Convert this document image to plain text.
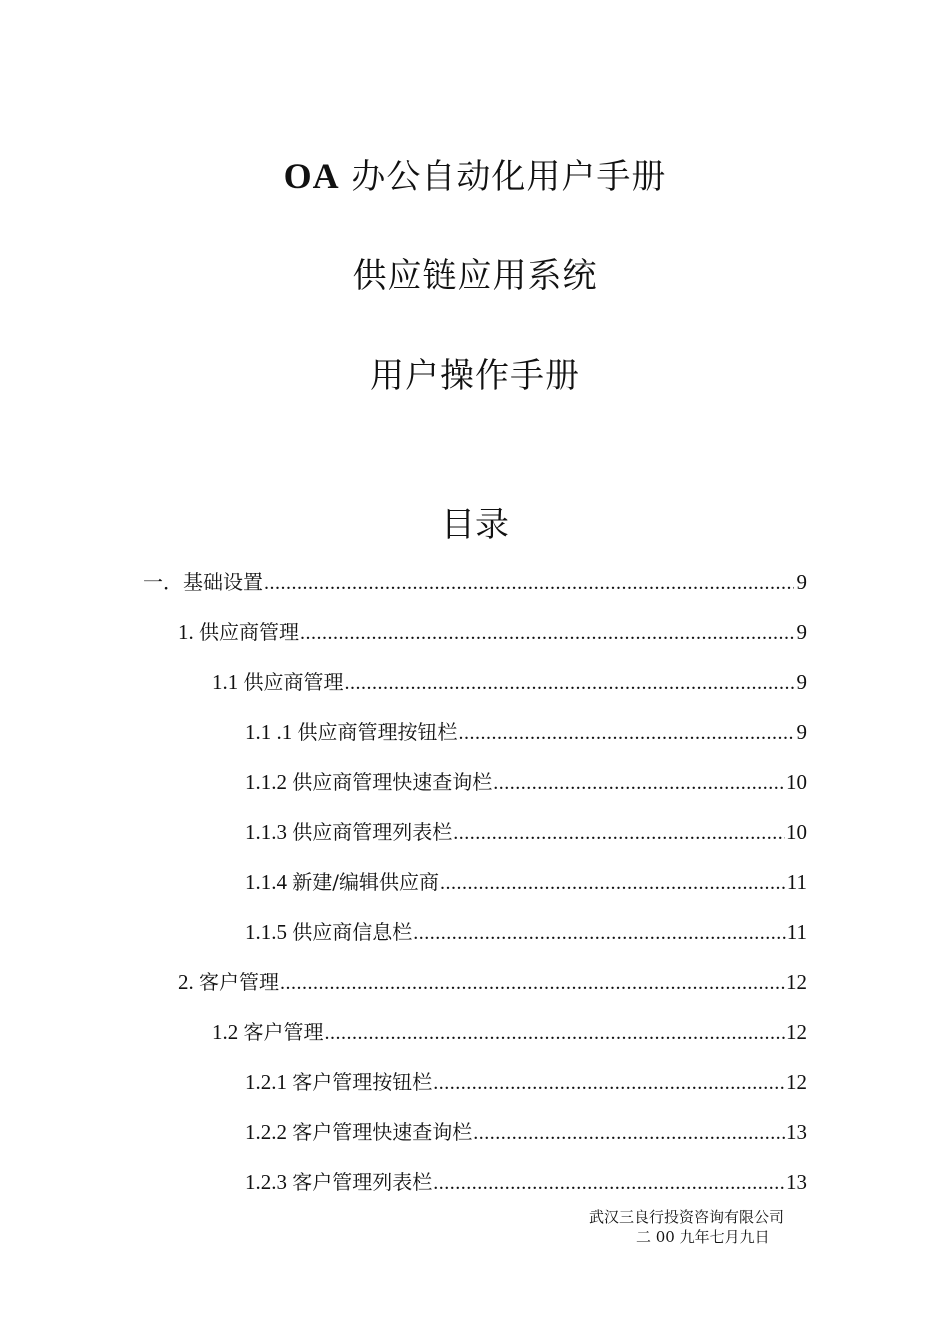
OA 办公自动化用户手册
供应链应用系统
用户操作手册
目录
一．基础设置 .....	9
1. 供应商管理 .....	9
1.1 供应商管理 .....	9
1.1 .1 供应商管理按钮栏 .....	9
1.1.2 供应商管理快速查询栏 .....	10
1.1.3 供应商管理列表栏 .....	10
1.1.4 新建/编辑供应商 .....	11
1.1.5 供应商信息栏 .....	11
2. 客户管理 .....	12
1.2 客户管理 .....	12
1.2.1 客户管理按钮栏 .....	12
1.2.2 客户管理快速查询栏 .....	13
1.2.3 客户管理列表栏 .....	13
武汉三良行投资咨询有限公司
二 00 九年七月九日
